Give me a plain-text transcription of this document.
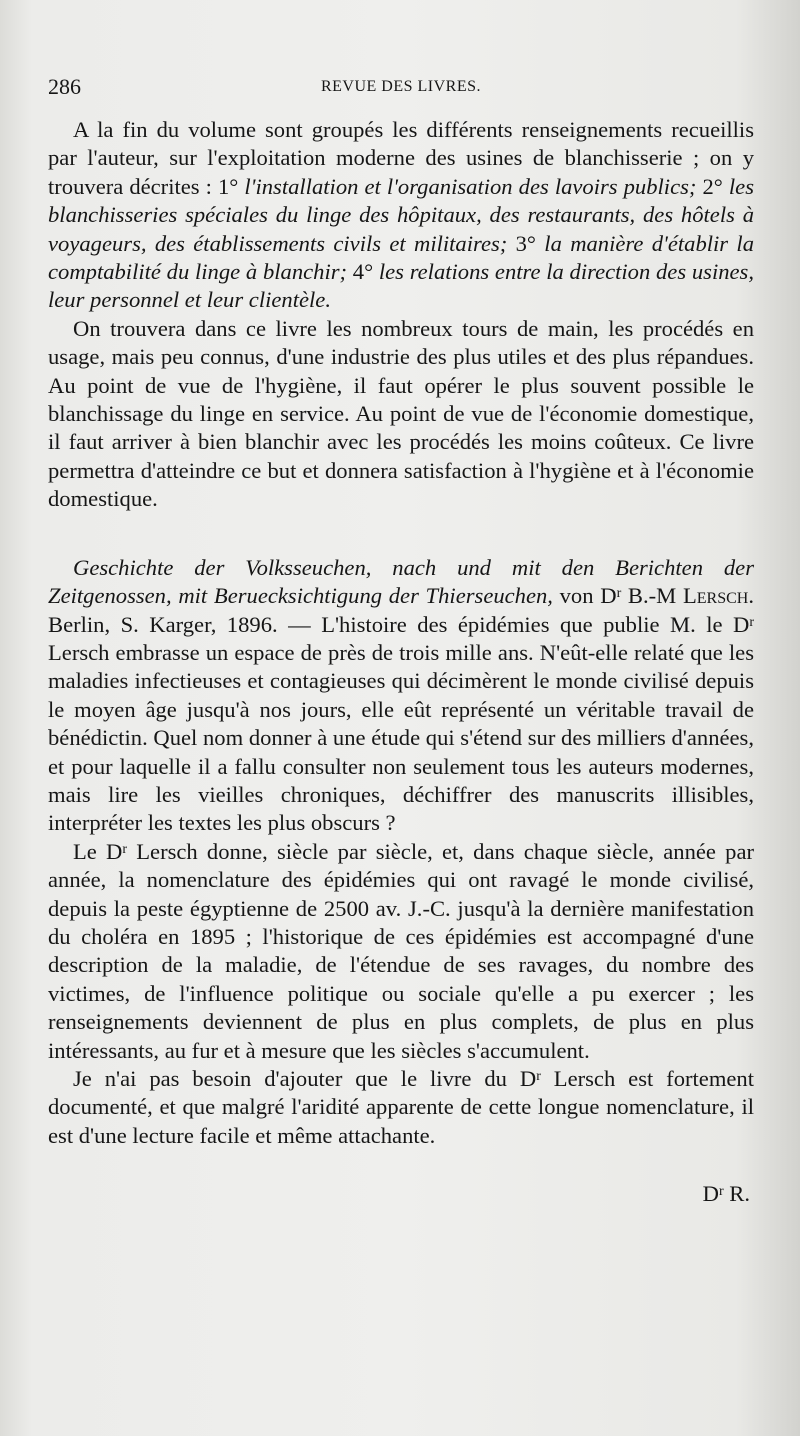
286	REVUE DES LIVRES.

A la fin du volume sont groupés les différents renseignements recueillis par l'auteur, sur l'exploitation moderne des usines de blanchisserie ; on y trouvera décrites : 1° l'installation et l'organisation des lavoirs publics; 2° les blanchisseries spéciales du linge des hôpitaux, des restaurants, des hôtels à voyageurs, des établissements civils et militaires; 3° la manière d'établir la comptabilité du linge à blanchir; 4° les relations entre la direction des usines, leur personnel et leur clientèle.

On trouvera dans ce livre les nombreux tours de main, les procédés en usage, mais peu connus, d'une industrie des plus utiles et des plus répandues. Au point de vue de l'hygiène, il faut opérer le plus souvent possible le blanchissage du linge en service. Au point de vue de l'économie domestique, il faut arriver à bien blanchir avec les procédés les moins coûteux. Ce livre permettra d'atteindre ce but et donnera satisfaction à l'hygiène et à l'économie domestique.

Geschichte der Volksseuchen, nach und mit den Berichten der Zeitgenossen, mit Beruecksichtigung der Thierseuchen, von $D^r$ B.-M Lersch. Berlin, S. Karger, 1896. — L'histoire des épidémies que publie M. le $D^r$ Lersch embrasse un espace de près de trois mille ans. N'eût-elle relaté que les maladies infectieuses et contagieuses qui décimèrent le monde civilisé depuis le moyen âge jusqu'à nos jours, elle eût représenté un véritable travail de bénédictin. Quel nom donner à une étude qui s'étend sur des milliers d'années, et pour laquelle il a fallu consulter non seulement tous les auteurs modernes, mais lire les vieilles chroniques, déchiffrer des manuscrits illisibles, interpréter les textes les plus obscurs ?

Le $D^r$ Lersch donne, siècle par siècle, et, dans chaque siècle, année par année, la nomenclature des épidémies qui ont ravagé le monde civilisé, depuis la peste égyptienne de 2500 av. J.-C. jusqu'à la dernière manifestation du choléra en 1895 ; l'historique de ces épidémies est accompagné d'une description de la maladie, de l'étendue de ses ravages, du nombre des victimes, de l'influence politique ou sociale qu'elle a pu exercer ; les renseignements deviennent de plus en plus complets, de plus en plus intéressants, au fur et à mesure que les siècles s'accumulent.

Je n'ai pas besoin d'ajouter que le livre du $D^r$ Lersch est fortement documenté, et que malgré l'aridité apparente de cette longue nomenclature, il est d'une lecture facile et même attachante.

$D^r$ R.
